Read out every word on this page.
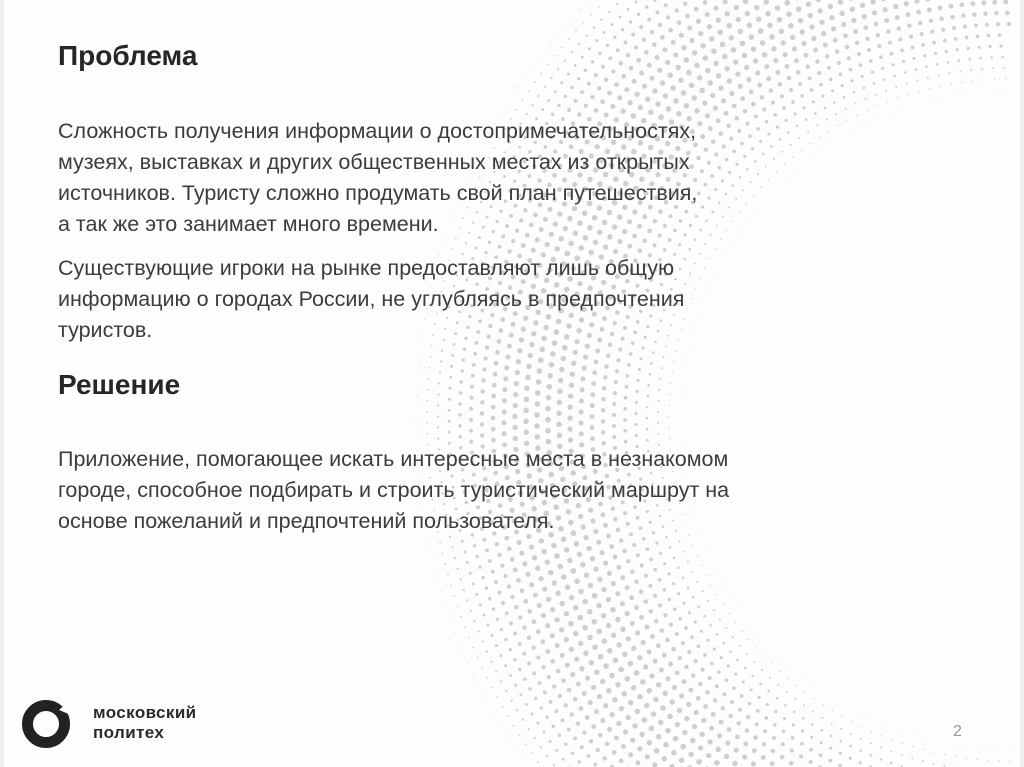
Проблема
Сложность получения информации о достопримечательностях,
музеях, выставках и других общественных местах из открытых
источников. Туристу сложно продумать свой план путешествия,
а так же это занимает много времени.
Существующие игроки на рынке предоставляют лишь общую
информацию о городах России, не углубляясь в предпочтения
туристов.
Решение
Приложение, помогающее искать интересные места в незнакомом
городе, способное подбирать и строить туристический маршрут на
основе пожеланий и предпочтений пользователя.
московский
политех	2
